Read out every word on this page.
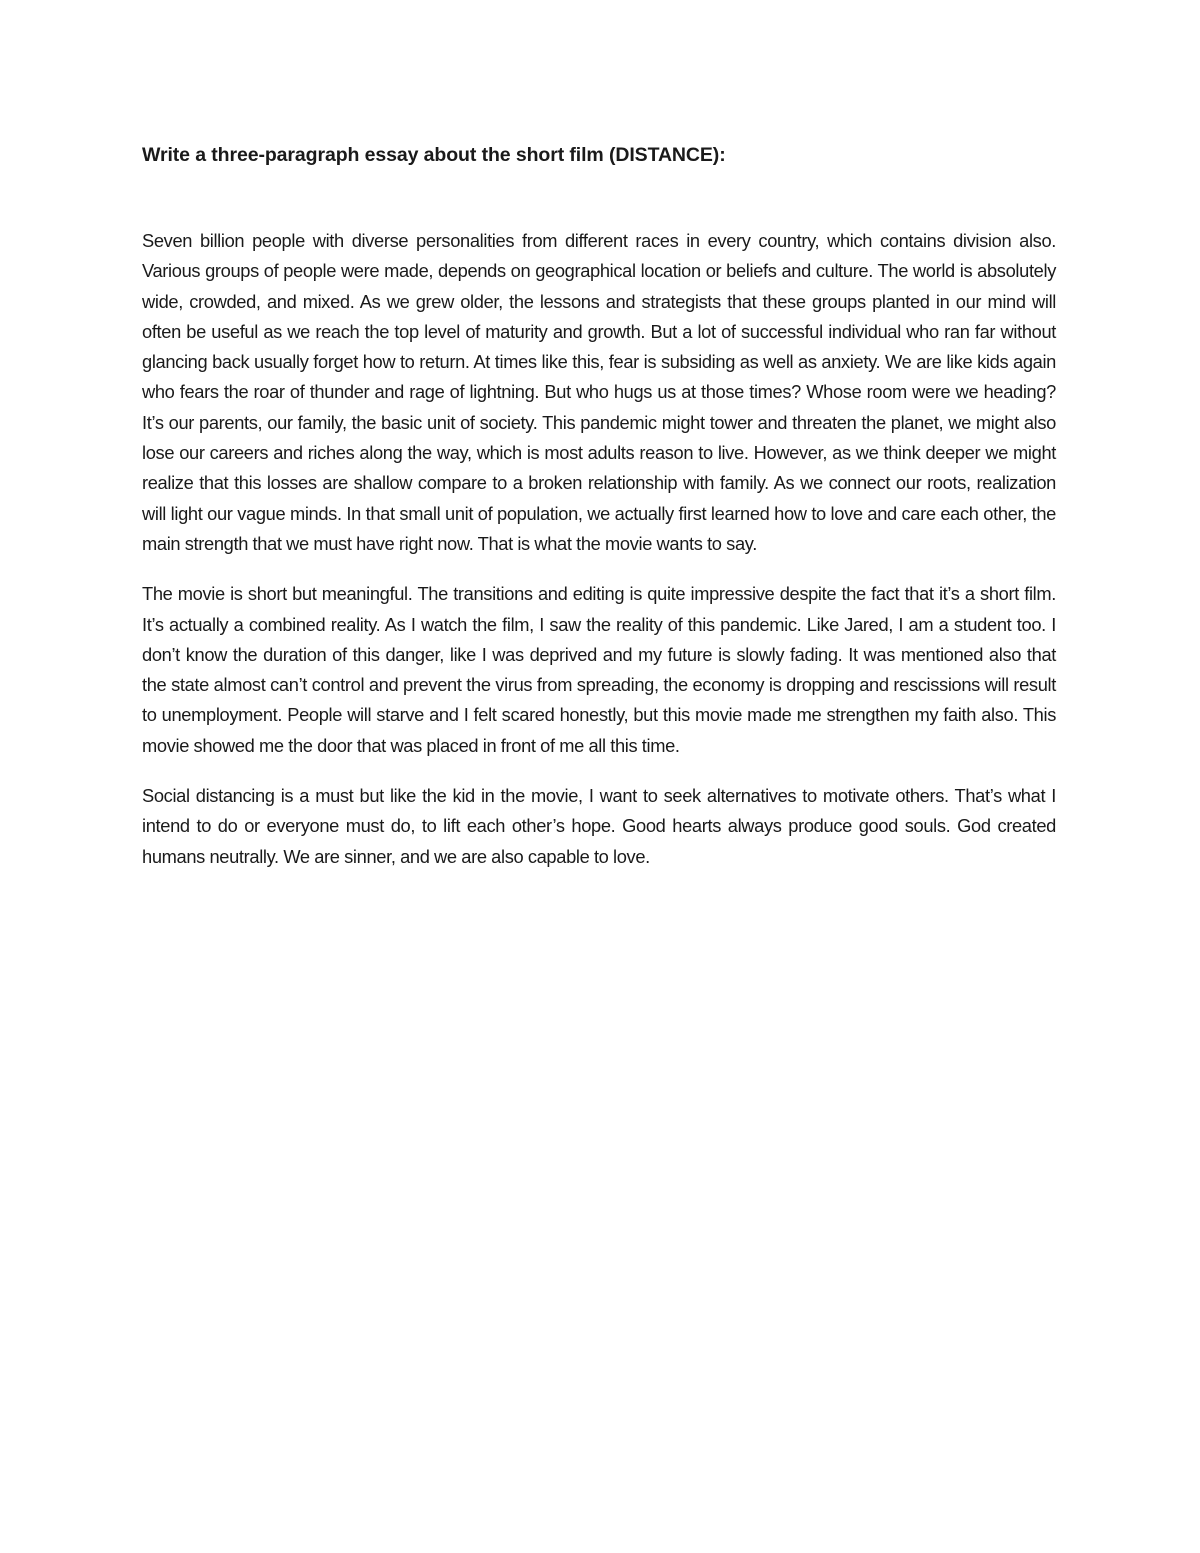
Write a three-paragraph essay about the short film (DISTANCE):

Seven billion people with diverse personalities from different races in every country, which contains division also. Various groups of people were made, depends on geographical location or beliefs and culture. The world is absolutely wide, crowded, and mixed. As we grew older, the lessons and strategists that these groups planted in our mind will often be useful as we reach the top level of maturity and growth. But a lot of successful individual who ran far without glancing back usually forget how to return. At times like this, fear is subsiding as well as anxiety. We are like kids again who fears the roar of thunder and rage of lightning. But who hugs us at those times? Whose room were we heading? It’s our parents, our family, the basic unit of society. This pandemic might tower and threaten the planet, we might also lose our careers and riches along the way, which is most adults reason to live. However, as we think deeper we might realize that this losses are shallow compare to a broken relationship with family. As we connect our roots, realization will light our vague minds. In that small unit of population, we actually first learned how to love and care each other, the main strength that we must have right now. That is what the movie wants to say.

The movie is short but meaningful. The transitions and editing is quite impressive despite the fact that it’s a short film. It’s actually a combined reality. As I watch the film, I saw the reality of this pandemic. Like Jared, I am a student too. I don’t know the duration of this danger, like I was deprived and my future is slowly fading. It was mentioned also that the state almost can’t control and prevent the virus from spreading, the economy is dropping and rescissions will result to unemployment. People will starve and I felt scared honestly, but this movie made me strengthen my faith also. This movie showed me the door that was placed in front of me all this time.

Social distancing is a must but like the kid in the movie, I want to seek alternatives to motivate others. That’s what I intend to do or everyone must do, to lift each other’s hope. Good hearts always produce good souls. God created humans neutrally. We are sinner, and we are also capable to love.
